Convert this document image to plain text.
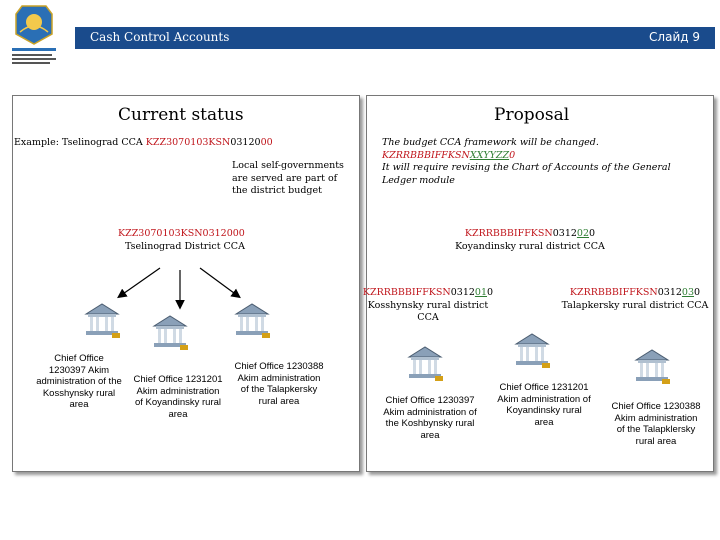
Cash Control Accounts	Слайд 9
Current status
Example: Tselinograd CCA KZZ3070103KSN0312000
Local self-governments are served are part of the district budget
KZZ3070103KSN0312000
Tselinograd District CCA
Chief Office 1230397 Akim administration of the Kosshynsky rural area
Chief Office 1231201 Akim administration of Koyandinsky rural area
Chief Office 1230388 Akim administration of the Talapkersky rural area
Proposal
The budget CCA framework will be changed.
KZRRBBBIFFKSNXXYYZZ0
It will require revising the Chart of Accounts of the General Ledger module
KZRRBBBIFFKSN0312020
Koyandinsky rural district CCA
KZRRBBBIFFKSN0312010
Kosshynsky rural district CCA
KZRRBBBIFFKSN0312030
Talapkersky rural district CCA
Chief Office 1230397 Akim administration of the Koshbynsky rural area
Chief Office 1231201 Akim administration of Koyandinsky rural area
Chief Office 1230388 Akim administration of the Talapklersky rural area
